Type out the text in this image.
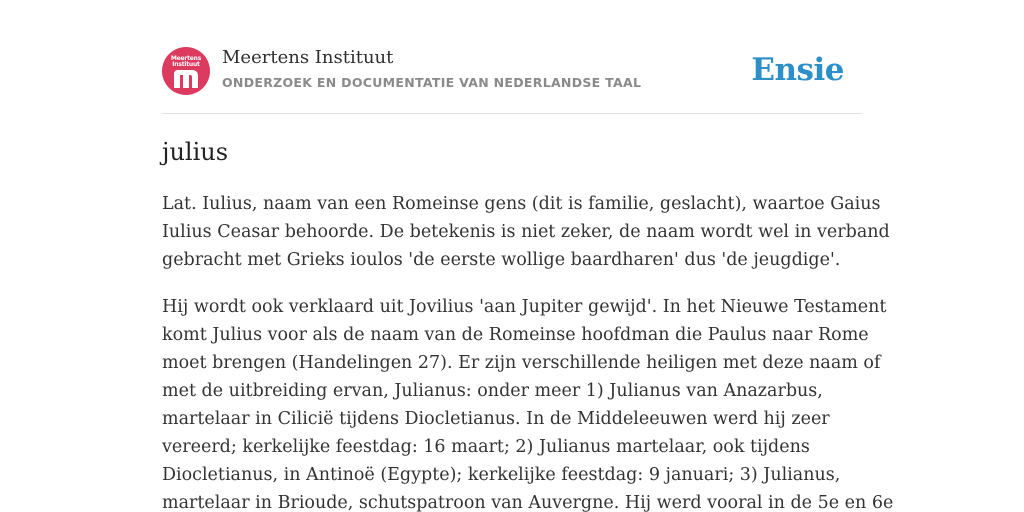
Meertens
Instituut	Meertens Instituut
ONDERZOEK EN DOCUMENTATIE VAN NEDERLANDSE TAAL	Ensie
julius

Lat. Iulius, naam van een Romeinse gens (dit is familie, geslacht), waartoe Gaius
Iulius Ceasar behoorde. De betekenis is niet zeker, de naam wordt wel in verband
gebracht met Grieks ioulos 'de eerste wollige baardharen' dus 'de jeugdige'.

Hij wordt ook verklaard uit Jovilius 'aan Jupiter gewijd'. In het Nieuwe Testament
komt Julius voor als de naam van de Romeinse hoofdman die Paulus naar Rome
moet brengen (Handelingen 27). Er zijn verschillende heiligen met deze naam of
met de uitbreiding ervan, Julianus: onder meer 1) Julianus van Anazarbus,
martelaar in Cilicië tijdens Diocletianus. In de Middeleeuwen werd hij zeer
vereerd; kerkelijke feestdag: 16 maart; 2) Julianus martelaar, ook tijdens
Diocletianus, in Antinoë (Egypte); kerkelijke feestdag: 9 januari; 3) Julianus,
martelaar in Brioude, schutspatroon van Auvergne. Hij werd vooral in de 5e en 6e
